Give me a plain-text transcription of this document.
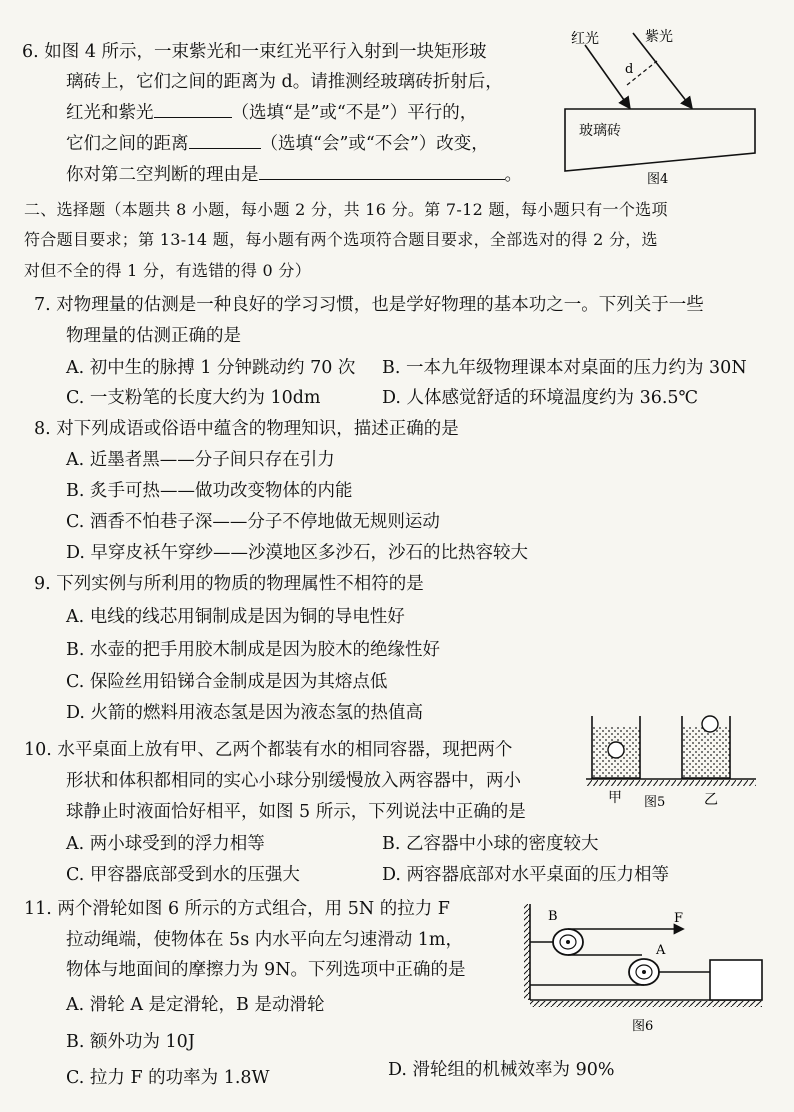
6. 如图 4 所示，一束紫光和一束红光平行入射到一块矩形玻
璃砖上，它们之间的距离为 d。请推测经玻璃砖折射后，
红光和紫光	（选填“是”或“不是”）平行的，
它们之间的距离	（选填“会”或“不会”）改变，
你对第二空判断的理由是	。
红光	紫光
d
玻璃砖
图4
二、选择题（本题共 8 小题，每小题 2 分，共 16 分。第 7-12 题，每小题只有一个选项
符合题目要求；第 13-14 题，每小题有两个选项符合题目要求，全部选对的得 2 分，选
对但不全的得 1 分，有选错的得 0 分）
7. 对物理量的估测是一种良好的学习习惯，也是学好物理的基本功之一。下列关于一些
物理量的估测正确的是
A. 初中生的脉搏 1 分钟跳动约 70 次 B. 一本九年级物理课本对桌面的压力约为 30N
C. 一支粉笔的长度大约为 10dm	D. 人体感觉舒适的环境温度约为 36.5℃
8. 对下列成语或俗语中蕴含的物理知识，描述正确的是
A. 近墨者黑——分子间只存在引力
B. 炙手可热——做功改变物体的内能
C. 酒香不怕巷子深——分子不停地做无规则运动
D. 早穿皮袄午穿纱——沙漠地区多沙石，沙石的比热容较大
9. 下列实例与所利用的物质的物理属性不相符的是
A. 电线的线芯用铜制成是因为铜的导电性好
B. 水壶的把手用胶木制成是因为胶木的绝缘性好
C. 保险丝用铅锑合金制成是因为其熔点低
D. 火箭的燃料用液态氢是因为液态氢的热值高
甲 图5	乙
10. 水平桌面上放有甲、乙两个都装有水的相同容器，现把两个
形状和体积都相同的实心小球分别缓慢放入两容器中，两小
球静止时液面恰好相平，如图 5 所示，下列说法中正确的是
A. 两小球受到的浮力相等	B. 乙容器中小球的密度较大
C. 甲容器底部受到水的压强大	D. 两容器底部对水平桌面的压力相等
11. 两个滑轮如图 6 所示的方式组合，用 5N 的拉力 F
拉动绳端，使物体在 5s 内水平向左匀速滑动 1m，
物体与地面间的摩擦力为 9N。下列选项中正确的是
A. 滑轮 A 是定滑轮，B 是动滑轮
B. 额外功为 10J
C. 拉力 F 的功率为 1.8W	D. 滑轮组的机械效率为 90%
B
A
F
图6
